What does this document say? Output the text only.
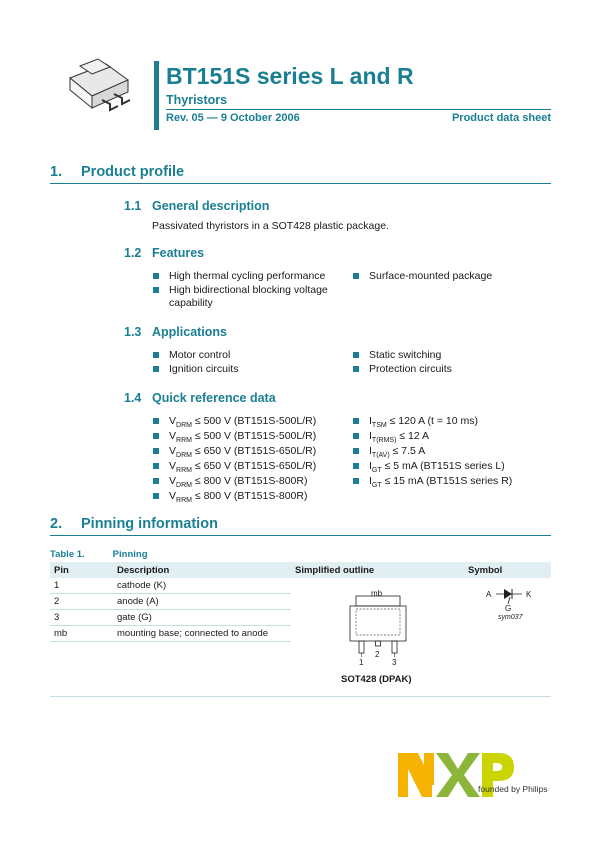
BT151S series L and R
Thyristors
Rev. 05 — 9 October 2006	Product data sheet
1. Product profile
1.1 General description
Passivated thyristors in a SOT428 plastic package.
1.2 Features
High thermal cycling performance
High bidirectional blocking voltage capability
Surface-mounted package
1.3 Applications
Motor control
Ignition circuits
Static switching
Protection circuits
1.4 Quick reference data
$V_{DRM} \le 500$ V (BT151S-500L/R)
$V_{RRM} \le 500$ V (BT151S-500L/R)
$V_{DRM} \le 650$ V (BT151S-650L/R)
$V_{RRM} \le 650$ V (BT151S-650L/R)
$V_{DRM} \le 800$ V (BT151S-800R)
$V_{RRM} \le 800$ V (BT151S-800R)
$I_{TSM} \le 120$ A (t = 10 ms)
$I_{T(RMS)} \le 12$ A
$I_{T(AV)} \le 7.5$ A
$I_{GT} \le 5$ mA (BT151S series L)
$I_{GT} \le 15$ mA (BT151S series R)
2. Pinning information
Table 1.	Pinning
Pin	Description	Simplified outline	Symbol
1	cathode (K)		
2	anode (A)		
3	gate (G)		
mb	mounting base; connected to anode		

mb
1
2
3
SOT428 (DPAK)
A	K
G
sym037
founded by Philips
